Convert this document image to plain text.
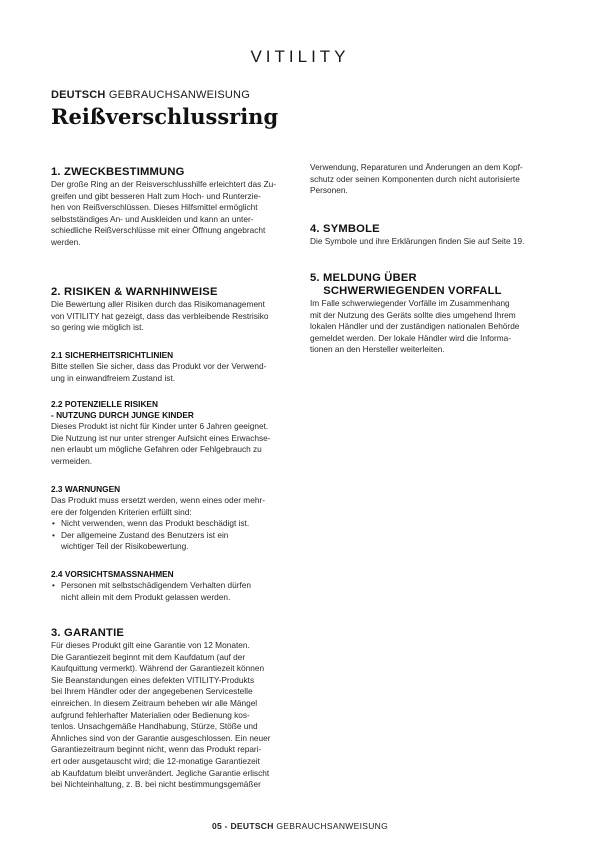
VITILITY
DEUTSCH GEBRAUCHSANWEISUNG
Reißverschlussring
1. ZWECKBESTIMMUNG

Der große Ring an der Reisverschlusshilfe erleichtert das Zu-
greifen und gibt besseren Halt zum Hoch- und Runterzie-
hen von Reißverschlüssen. Dieses Hilfsmittel ermöglicht
selbstständiges An- und Auskleiden und kann an unter-
schiedliche Reißverschlüsse mit einer Öffnung angebracht
werden.

2. RISIKEN & WARNHINWEISE

Die Bewertung aller Risiken durch das Risikomanagement
von VITILITY hat gezeigt, dass das verbleibende Restrisiko
so gering wie möglich ist.

2.1 SICHERHEITSRICHTLINIEN

Bitte stellen Sie sicher, dass das Produkt vor der Verwend-
ung in einwandfreiem Zustand ist.

2.2 POTENZIELLE RISIKEN
- NUTZUNG DURCH JUNGE KINDER

Dieses Produkt ist nicht für Kinder unter 6 Jahren geeignet.
Die Nutzung ist nur unter strenger Aufsicht eines Erwachse-
nen erlaubt um mögliche Gefahren oder Fehlgebrauch zu
vermeiden.

2.3 WARNUNGEN

Das Produkt muss ersetzt werden, wenn eines oder mehr-
ere der folgenden Kriterien erfüllt sind:

• Nicht verwenden, wenn das Produkt beschädigt ist.
• Der allgemeine Zustand des Benutzers ist ein
wichtiger Teil der Risikobewertung.
2.4 VORSICHTSMASSNAHMEN
• Personen mit selbstschädigendem Verhalten dürfen
nicht allein mit dem Produkt gelassen werden.
3. GARANTIE

Für dieses Produkt gilt eine Garantie von 12 Monaten.
Die Garantiezeit beginnt mit dem Kaufdatum (auf der
Kaufquittung vermerkt). Während der Garantiezeit können
Sie Beanstandungen eines defekten VITILITY-Produkts
bei Ihrem Händler oder der angegebenen Servicestelle
einreichen. In diesem Zeitraum beheben wir alle Mängel
aufgrund fehlerhafter Materialien oder Bedienung kos-
tenlos. Unsachgemäße Handhabung, Stürze, Stöße und
Ähnliches sind von der Garantie ausgeschlossen. Ein neuer
Garantiezeitraum beginnt nicht, wenn das Produkt repari-
ert oder ausgetauscht wird; die 12-monatige Garantiezeit
ab Kaufdatum bleibt unverändert. Jegliche Garantie erlischt
bei Nichteinhaltung, z. B. bei nicht bestimmungsgemäßer

Verwendung, Reparaturen und Änderungen an dem Kopf-
schutz oder seinen Komponenten durch nicht autorisierte
Personen.

4. SYMBOLE

Die Symbole und ihre Erklärungen finden Sie auf Seite 19.

5. MELDUNG ÜBER
SCHWERWIEGENDEN VORFALL

Im Falle schwerwiegender Vorfälle im Zusammenhang
mit der Nutzung des Geräts sollte dies umgehend Ihrem
lokalen Händler und der zuständigen nationalen Behörde
gemeldet werden. Der lokale Händler wird die Informa-
tionen an den Hersteller weiterleiten.

05 - DEUTSCH GEBRAUCHSANWEISUNG
